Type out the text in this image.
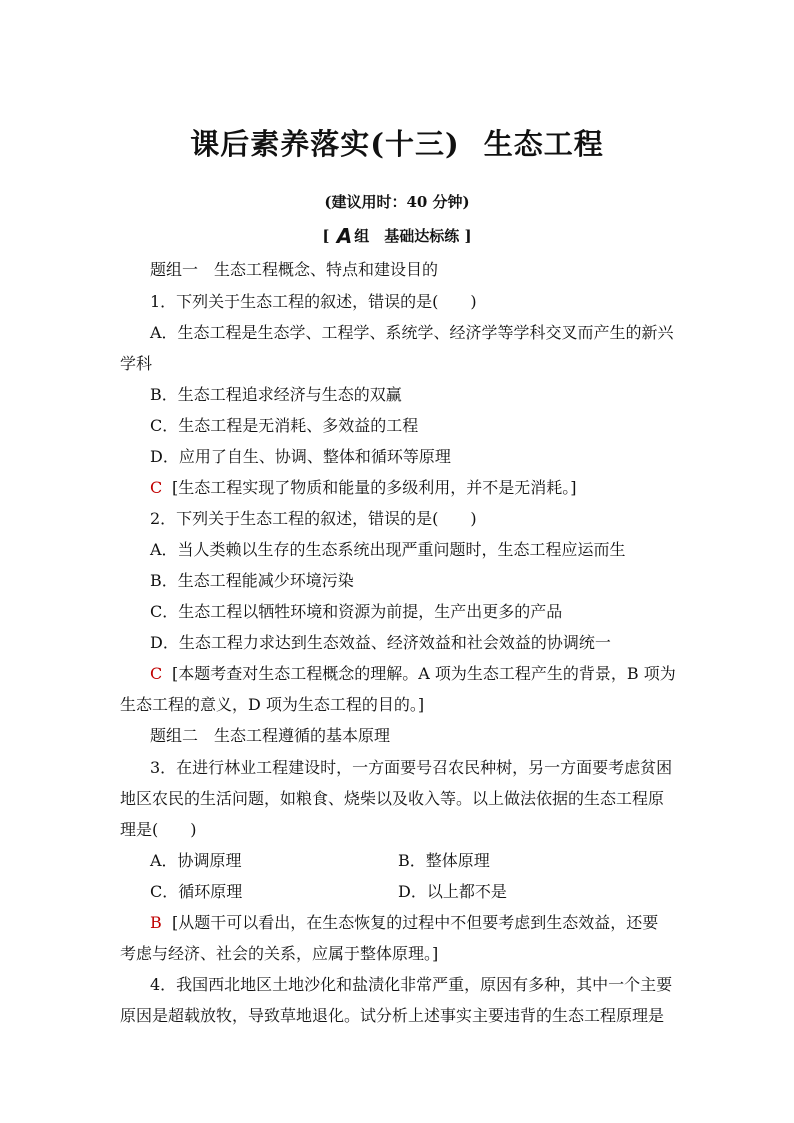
课后素养落实(十三) 生态工程
(建议用时：40 分钟)
[ A 组　基础达标练 ]
题组一　生态工程概念、特点和建设目的
1．下列关于生态工程的叙述，错误的是(　　)
A．生态工程是生态学、工程学、系统学、经济学等学科交叉而产生的新兴
学科
B．生态工程追求经济与生态的双赢
C．生态工程是无消耗、多效益的工程
D．应用了自生、协调、整体和循环等原理
C [生态工程实现了物质和能量的多级利用，并不是无消耗。]
2．下列关于生态工程的叙述，错误的是(　　)
A．当人类赖以生存的生态系统出现严重问题时，生态工程应运而生
B．生态工程能减少环境污染
C．生态工程以牺牲环境和资源为前提，生产出更多的产品
D．生态工程力求达到生态效益、经济效益和社会效益的协调统一
C [本题考查对生态工程概念的理解。A 项为生态工程产生的背景，B 项为
生态工程的意义，D 项为生态工程的目的。]
题组二　生态工程遵循的基本原理
3．在进行林业工程建设时，一方面要号召农民种树，另一方面要考虑贫困
地区农民的生活问题，如粮食、烧柴以及收入等。以上做法依据的生态工程原
理是(　　)
A．协调原理	B．整体原理
C．循环原理	D．以上都不是
B [从题干可以看出，在生态恢复的过程中不但要考虑到生态效益，还要
考虑与经济、社会的关系，应属于整体原理。]
4．我国西北地区土地沙化和盐渍化非常严重，原因有多种，其中一个主要
原因是超载放牧，导致草地退化。试分析上述事实主要违背的生态工程原理是
